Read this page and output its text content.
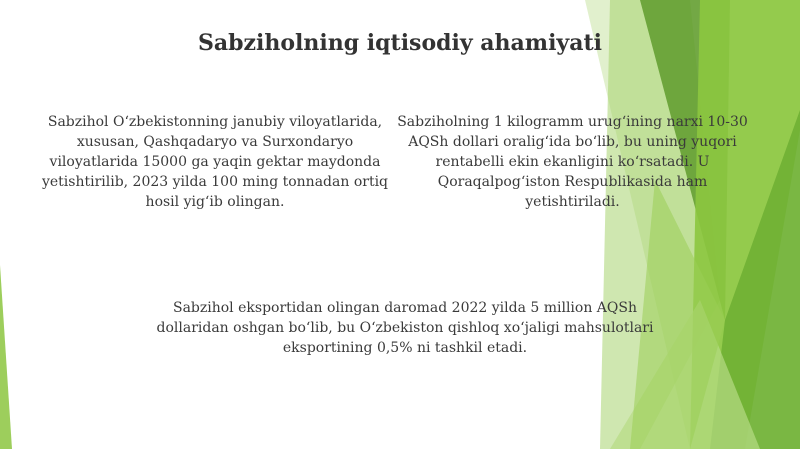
Sabziholning iqtisodiy ahamiyati
Sabzihol O‘zbekistonning janubiy viloyatlarida, xususan, Qashqadaryo va Surxondaryo viloyatlarida 15000 ga yaqin gektar maydonda yetishtirilib, 2023 yilda 100 ming tonnadan ortiq hosil yig‘ib olingan.
Sabziholning 1 kilogramm urug‘ining narxi 10-30 AQSh dollari oralig‘ida bo‘lib, bu uning yuqori rentabelli ekin ekanligini ko‘rsatadi. U Qoraqalpog‘iston Respublikasida ham yetishtiriladi.
Sabzihol eksportidan olingan daromad 2022 yilda 5 million AQSh dollaridan oshgan bo‘lib, bu O‘zbekiston qishloq xo‘jaligi mahsulotlari eksportining 0,5% ni tashkil etadi.
